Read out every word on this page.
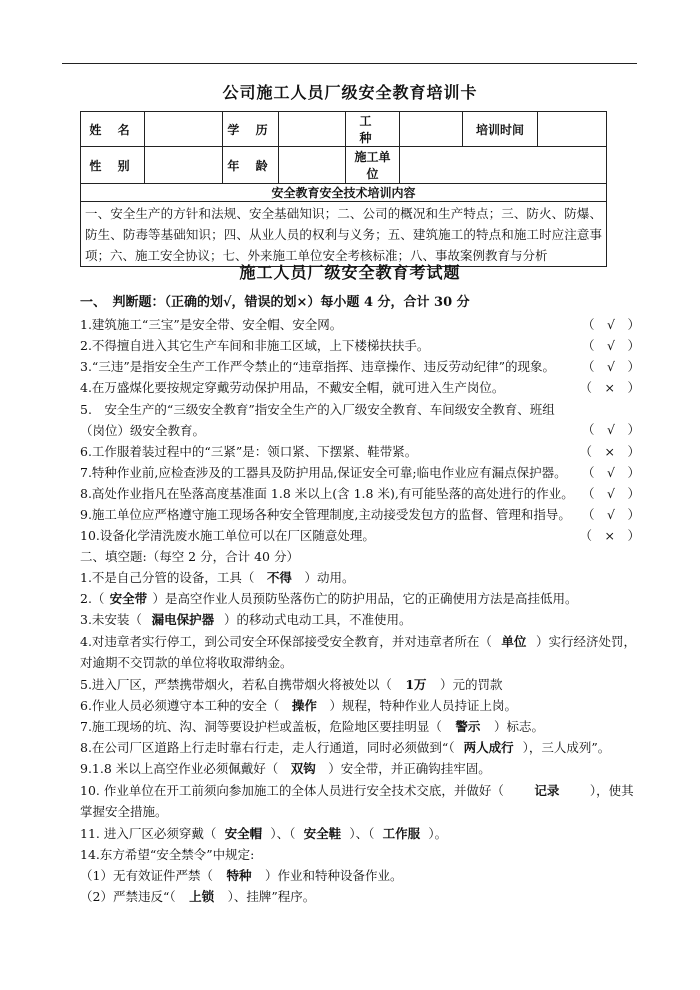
公司施工人员厂级安全教育培训卡
姓 名		学 历		工 种		培训时间	
性 别		年 龄		施工单位			
安全教育安全技术培训内容							
一、安全生产的方针和法规、安全基础知识；二、公司的概况和生产特点；三、防火、防爆、防生、防毒等基础知识；四、从业人员的权利与义务；五、建筑施工的特点和施工时应注意事项；六、施工安全协议；七、外来施工单位安全考核标准；八、事故案例教育与分析							
施工人员厂级安全教育考试题
一、　判断题：（正确的划√，错误的划×）每小题 4 分，合计 30 分
1.建筑施工“三宝”是安全带、安全帽、安全网。	（　√　）
2.不得擅自进入其它生产车间和非施工区域，上下楼梯扶扶手。	（　√　）
3.“三违”是指安全生产工作严令禁止的“违章指挥、违章操作、违反劳动纪律”的现象。 （　√　）
4.在万盛煤化要按规定穿戴劳动保护用品，不戴安全帽，就可进入生产岗位。	（　×　）
5.　安全生产的“三级安全教育”指安全生产的入厂级安全教育、车间级安全教育、班组（岗位）级安全教育。	（　√　）
6.工作服着装过程中的“三紧”是：领口紧、下摆紧、鞋带紧。	（　×　）
7.特种作业前,应检查涉及的工器具及防护用品,保证安全可靠;临电作业应有漏点保护器。 （　√　）
8.高处作业指凡在坠落高度基准面 1.8 米以上(含 1.8 米),有可能坠落的高处进行的作业。 （　√　）
9.施工单位应严格遵守施工现场各种安全管理制度,主动接受发包方的监督、管理和指导。 （　√　）
10.设备化学清洗废水施工单位可以在厂区随意处理。	（　×　）
二、填空题:（每空 2 分，合计 40 分）
1.不是自己分管的设备，工具（ 不得 ）动用。
2.（ 安全带 ）是高空作业人员预防坠落伤亡的防护用品，它的正确使用方法是高挂低用。
3.未安装（ 漏电保护器 ）的移动式电动工具，不准使用。
4.对违章者实行停工，到公司安全环保部接受安全教育，并对违章者所在（ 单位 ）实行经济处罚，对逾期不交罚款的单位将收取滞纳金。
5.进入厂区，严禁携带烟火，若私自携带烟火将被处以（ 1万 ）元的罚款
6.作业人员必须遵守本工种的安全（ 操作 ）规程，特种作业人员持证上岗。
7.施工现场的坑、沟、洞等要设护栏或盖板，危险地区要挂明显（ 警示 ）标志。
8.在公司厂区道路上行走时靠右行走，走人行通道，同时必须做到“（ 两人成行 ），三人成列”。
9.1.8 米以上高空作业必须佩戴好（ 双钩 ）安全带，并正确钩挂牢固。
10. 作业单位在开工前须向参加施工的全体人员进行安全技术交底，并做好（ 记录 ），使其掌握安全措施。
11. 进入厂区必须穿戴（ 安全帽 ）、（ 安全鞋 ）、（ 工作服 ）。
14.东方希望“安全禁令”中规定:
（1）无有效证件严禁（ 特种 ）作业和特种设备作业。
（2）严禁违反“（ 上锁 ）、挂牌”程序。
